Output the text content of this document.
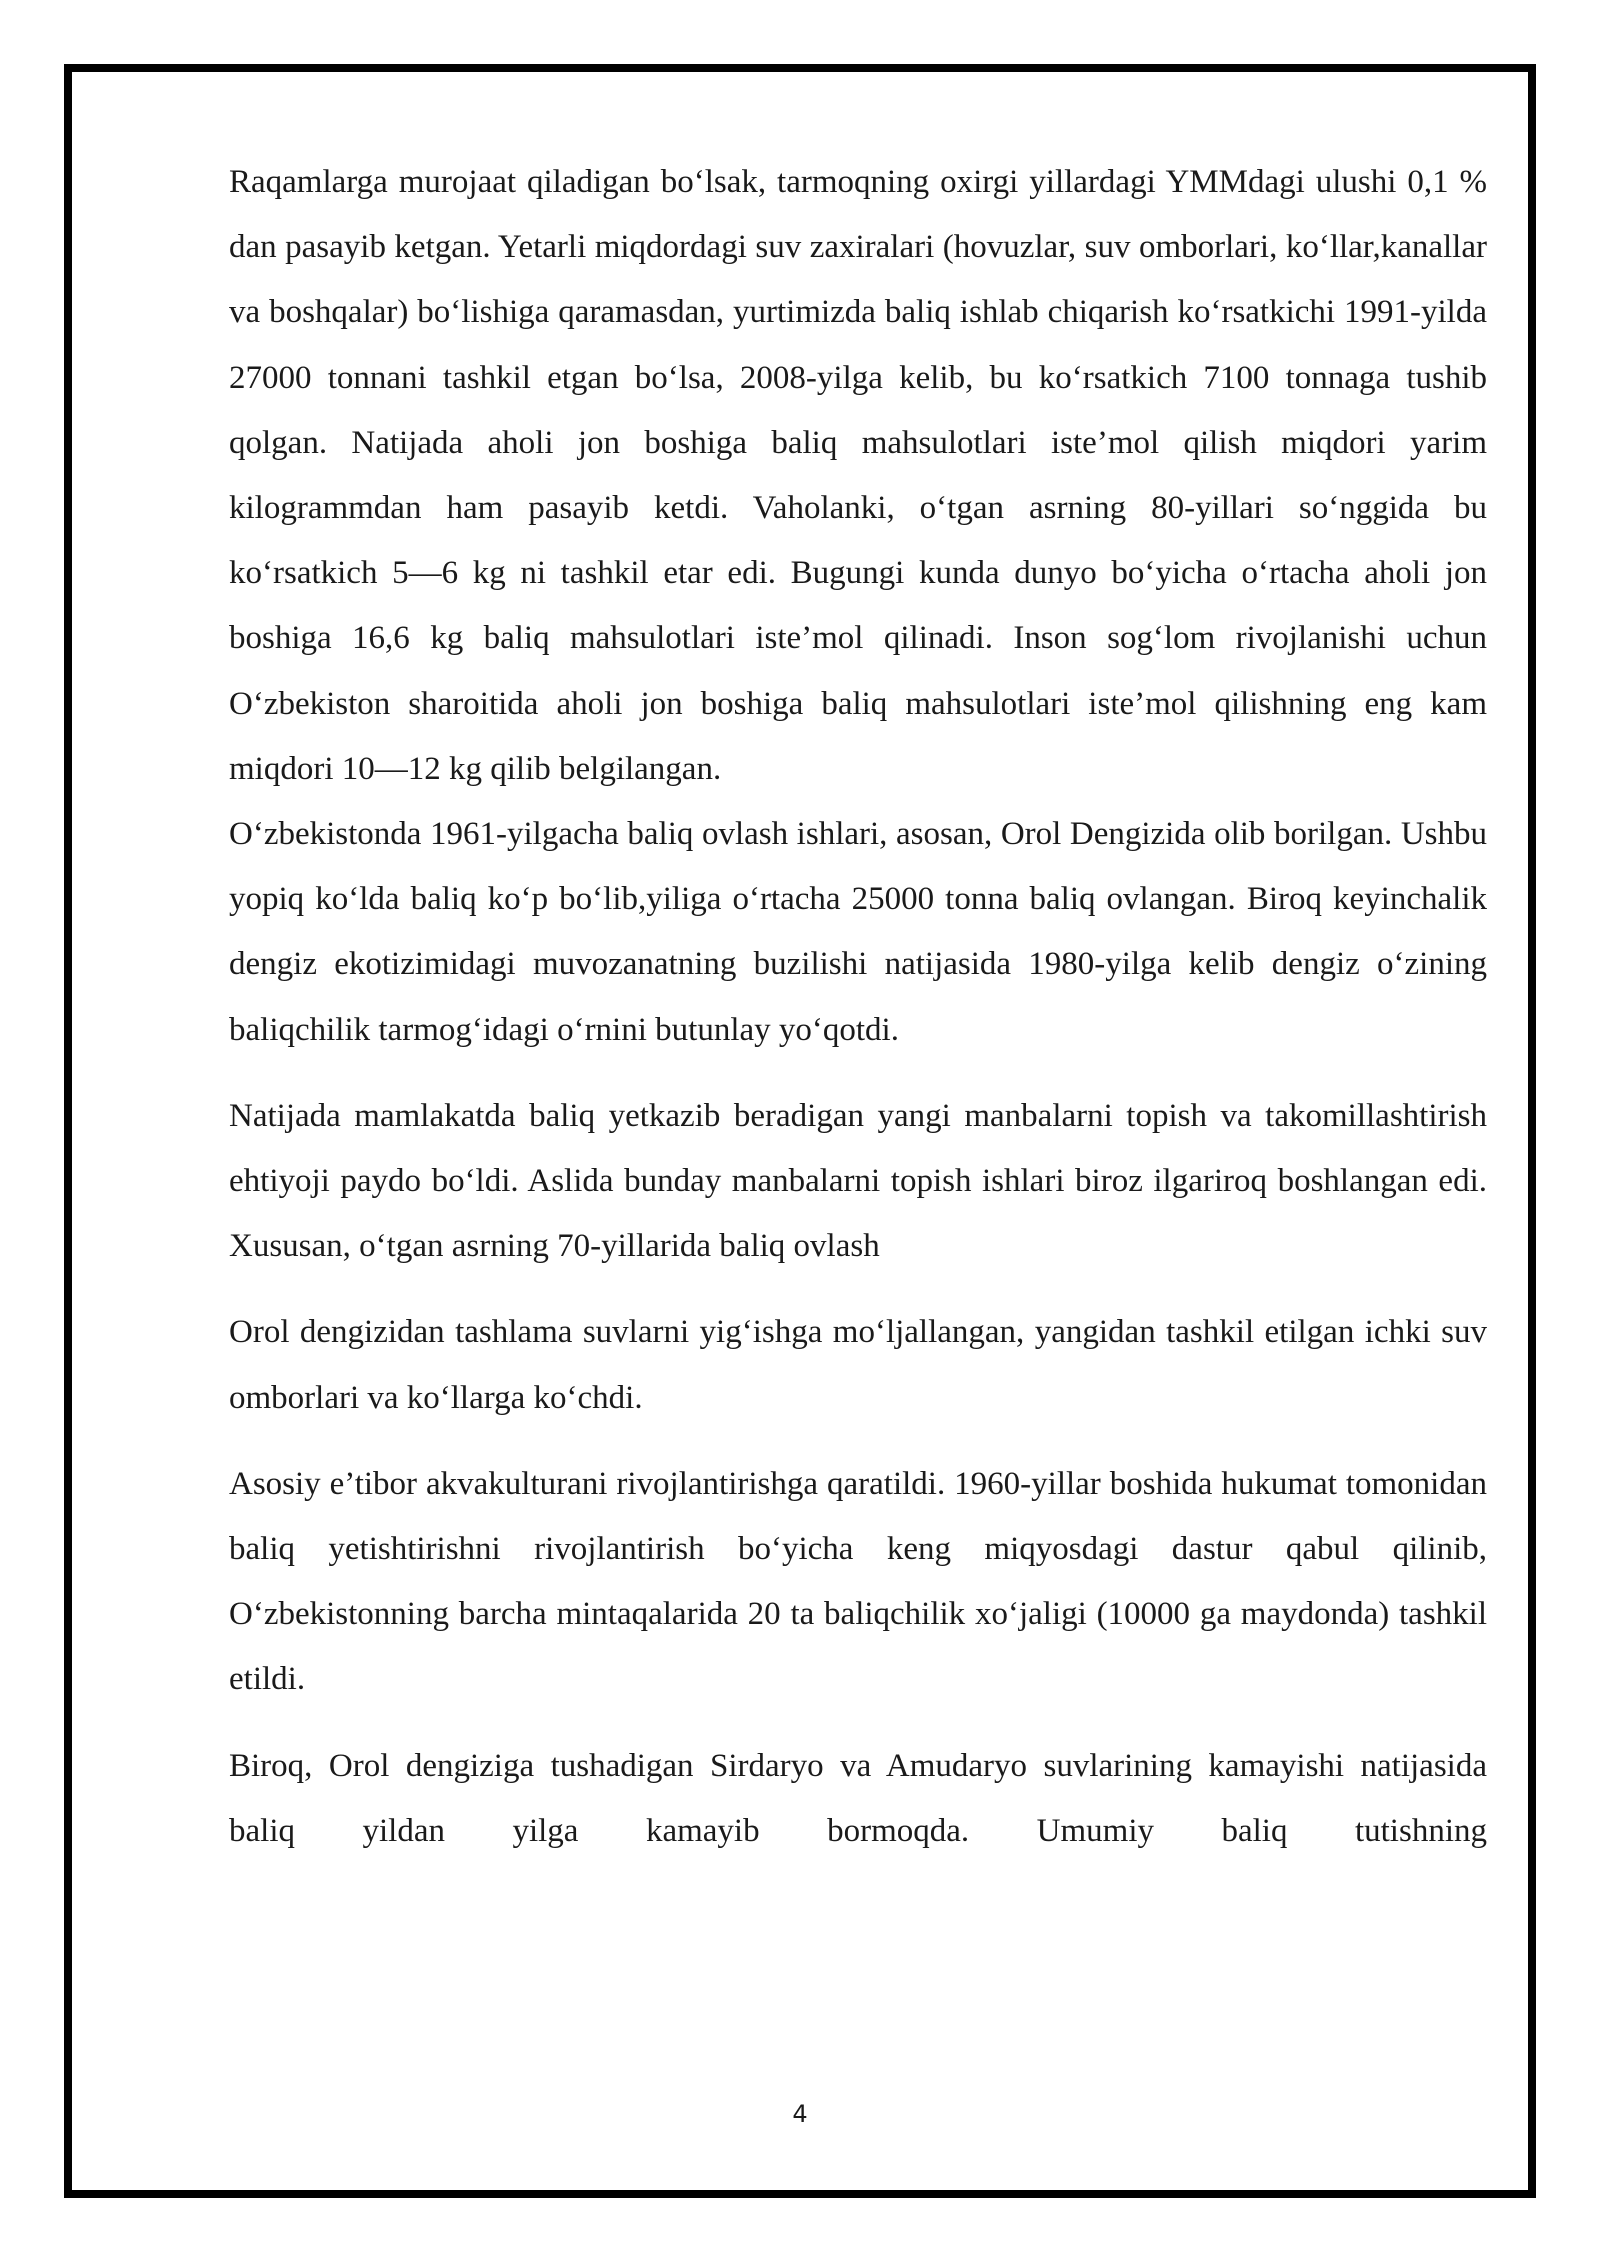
Raqamlarga murojaat qiladigan bo‘lsak, tarmoqning oxirgi yillardagi YMMdagi ulushi 0,1 % dan pasayib ketgan. Yetarli miqdordagi suv zaxiralari (hovuzlar, suv omborlari, ko‘llar,kanallar va boshqalar) bo‘lishiga qaramasdan, yurtimizda baliq ishlab chiqarish ko‘rsatkichi 1991-yilda 27000 tonnani tashkil etgan bo‘lsa, 2008-yilga kelib, bu ko‘rsatkich 7100 tonnaga tushib qolgan. Natijada aholi jon boshiga baliq mahsulotlari iste’mol qilish miqdori yarim kilogrammdan ham pasayib ketdi. Vaholanki, o‘tgan asrning 80-yillari so‘nggida bu ko‘rsatkich 5—6 kg ni tashkil etar edi. Bugungi kunda dunyo bo‘yicha o‘rtacha aholi jon boshiga 16,6 kg baliq mahsulotlari iste’mol qilinadi. Inson sog‘lom rivojlanishi uchun O‘zbekiston sharoitida aholi jon boshiga baliq mahsulotlari iste’mol qilishning eng kam miqdori 10—12 kg qilib belgilangan.

O‘zbekistonda 1961-yilgacha baliq ovlash ishlari, asosan, Orol Dengizida olib borilgan. Ushbu yopiq ko‘lda baliq ko‘p bo‘lib,yiliga o‘rtacha 25000 tonna baliq ovlangan. Biroq keyinchalik dengiz ekotizimidagi muvozanatning buzilishi natijasida 1980-yilga kelib dengiz o‘zining baliqchilik tarmog‘idagi o‘rnini butunlay yo‘qotdi.

Natijada mamlakatda baliq yetkazib beradigan yangi manbalarni topish va takomillashtirish ehtiyoji paydo bo‘ldi. Aslida bunday manbalarni topish ishlari biroz ilgariroq boshlangan edi. Xususan, o‘tgan asrning 70-yillarida baliq ovlash

Orol dengizidan tashlama suvlarni yig‘ishga mo‘ljallangan, yangidan tashkil etilgan ichki suv omborlari va ko‘llarga ko‘chdi.

Asosiy e’tibor akvakulturani rivojlantirishga qaratildi. 1960-yillar boshida hukumat tomonidan baliq yetishtirishni rivojlantirish bo‘yicha keng miqyosdagi dastur qabul qilinib, O‘zbekistonning barcha mintaqalarida 20 ta baliqchilik xo‘jaligi (10000 ga maydonda) tashkil etildi.

Biroq, Orol dengiziga tushadigan Sirdaryo va Amudaryo suvlarining kamayishi natijasida baliq yildan yilga kamayib bormoqda. Umumiy baliq tutishning

4
